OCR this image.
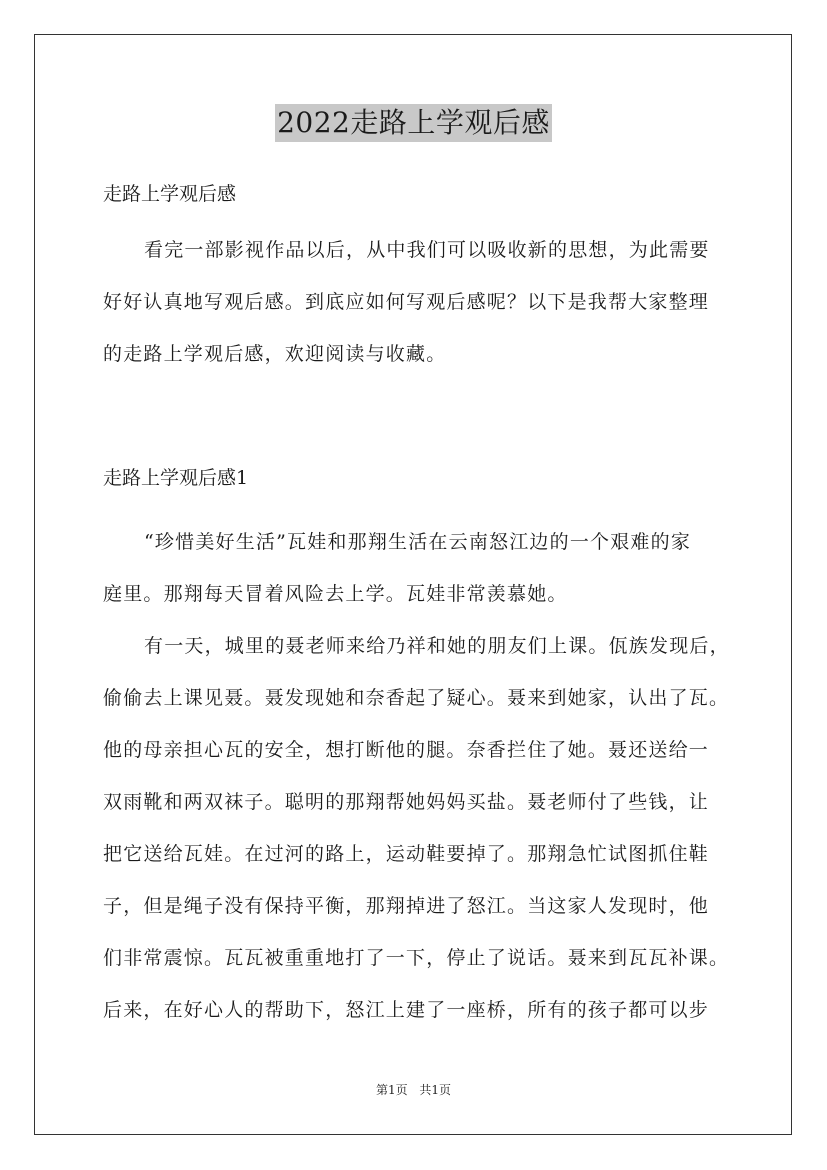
2022走路上学观后感
走路上学观后感

看完一部影视作品以后，从中我们可以吸收新的思想，为此需要

好好认真地写观后感。到底应如何写观后感呢？以下是我帮大家整理

的走路上学观后感，欢迎阅读与收藏。

走路上学观后感1

“珍惜美好生活”瓦娃和那翔生活在云南怒江边的一个艰难的家

庭里。那翔每天冒着风险去上学。瓦娃非常羡慕她。

有一天，城里的聂老师来给乃祥和她的朋友们上课。佤族发现后，

偷偷去上课见聂。聂发现她和奈香起了疑心。聂来到她家，认出了瓦。

他的母亲担心瓦的安全，想打断他的腿。奈香拦住了她。聂还送给一

双雨靴和两双袜子。聪明的那翔帮她妈妈买盐。聂老师付了些钱，让

把它送给瓦娃。在过河的路上，运动鞋要掉了。那翔急忙试图抓住鞋

子，但是绳子没有保持平衡，那翔掉进了怒江。当这家人发现时，他

们非常震惊。瓦瓦被重重地打了一下，停止了说话。聂来到瓦瓦补课。

后来，在好心人的帮助下，怒江上建了一座桥，所有的孩子都可以步

第1页 共1页
